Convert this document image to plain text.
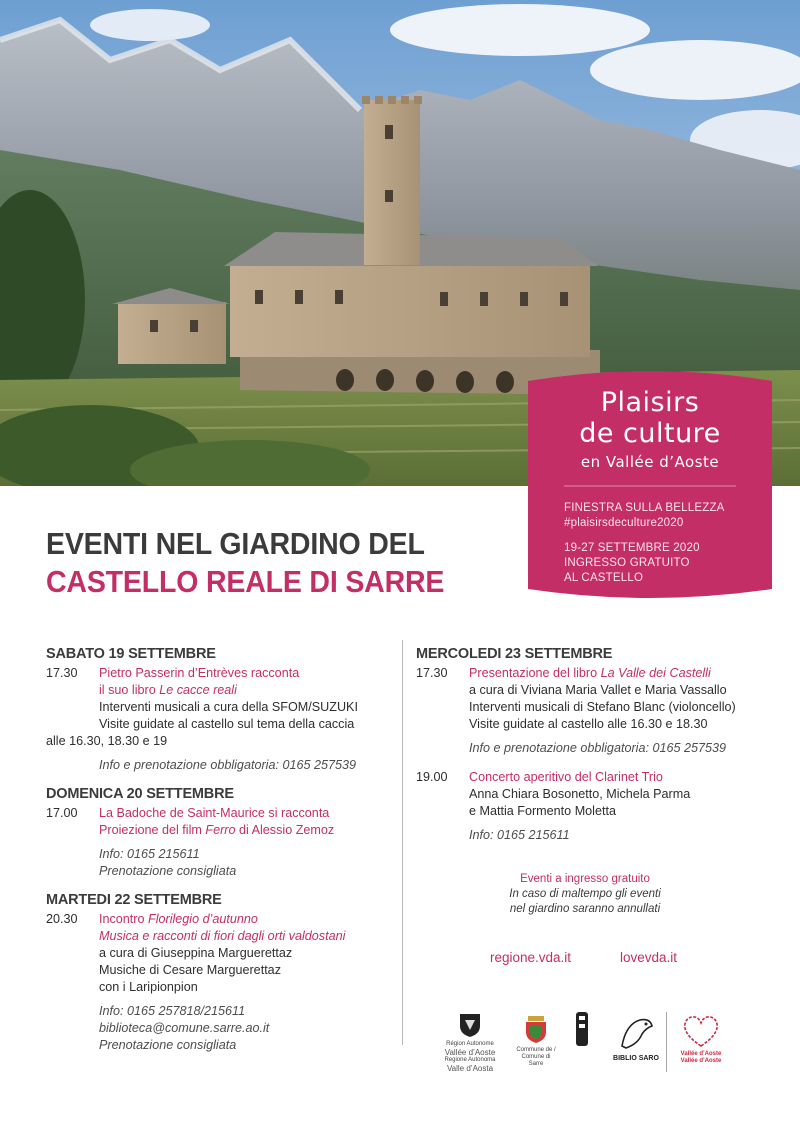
Plaisirs
de culture
en Vallée d’Aoste
FINESTRA SULLA BELLEZZA
#plaisirsdeculture2020
19-27 SETTEMBRE 2020
INGRESSO GRATUITO
AL CASTELLO
EVENTI NEL GIARDINO DEL
CASTELLO REALE DI SARRE
SABATO 19 SETTEMBRE
17.30 Pietro Passerin d’Entrèves racconta
il suo libro Le cacce reali
Interventi musicali a cura della SFOM/SUZUKI
Visite guidate al castello sul tema della caccia
alle 16.30, 18.30 e 19
Info e prenotazione obbligatoria: 0165 257539
DOMENICA 20 SETTEMBRE
17.00 La Badoche de Saint-Maurice si racconta
Proiezione del film Ferro di Alessio Zemoz
Info: 0165 215611
Prenotazione consigliata
MARTEDI 22 SETTEMBRE
20.30 Incontro Florilegio d’autunno
Musica e racconti di fiori dagli orti valdostani
a cura di Giuseppina Marguerettaz
Musiche di Cesare Marguerettaz
con i Laripionpion
Info: 0165 257818/215611
biblioteca@comune.sarre.ao.it
Prenotazione consigliata
MERCOLEDI 23 SETTEMBRE
17.30 Presentazione del libro La Valle dei Castelli
a cura di Viviana Maria Vallet e Maria Vassallo
Interventi musicali di Stefano Blanc (violoncello)
Visite guidate al castello alle 16.30 e 18.30
Info e prenotazione obbligatoria: 0165 257539
19.00 Concerto aperitivo del Clarinet Trio
Anna Chiara Bosonetto, Michela Parma
e Mattia Formento Moletta
Info: 0165 215611
Eventi a ingresso gratuito
In caso di maltempo gli eventi
nel giardino saranno annullati
regione.vda.it	lovevda.it
Région Autonome
Vallée d’Aoste
Regione Autonoma
Valle d’Aosta
Commune de / Comune di
Sarre
BIBLIO SARO
Vallée d’Aoste
Vallée d’Aoste
